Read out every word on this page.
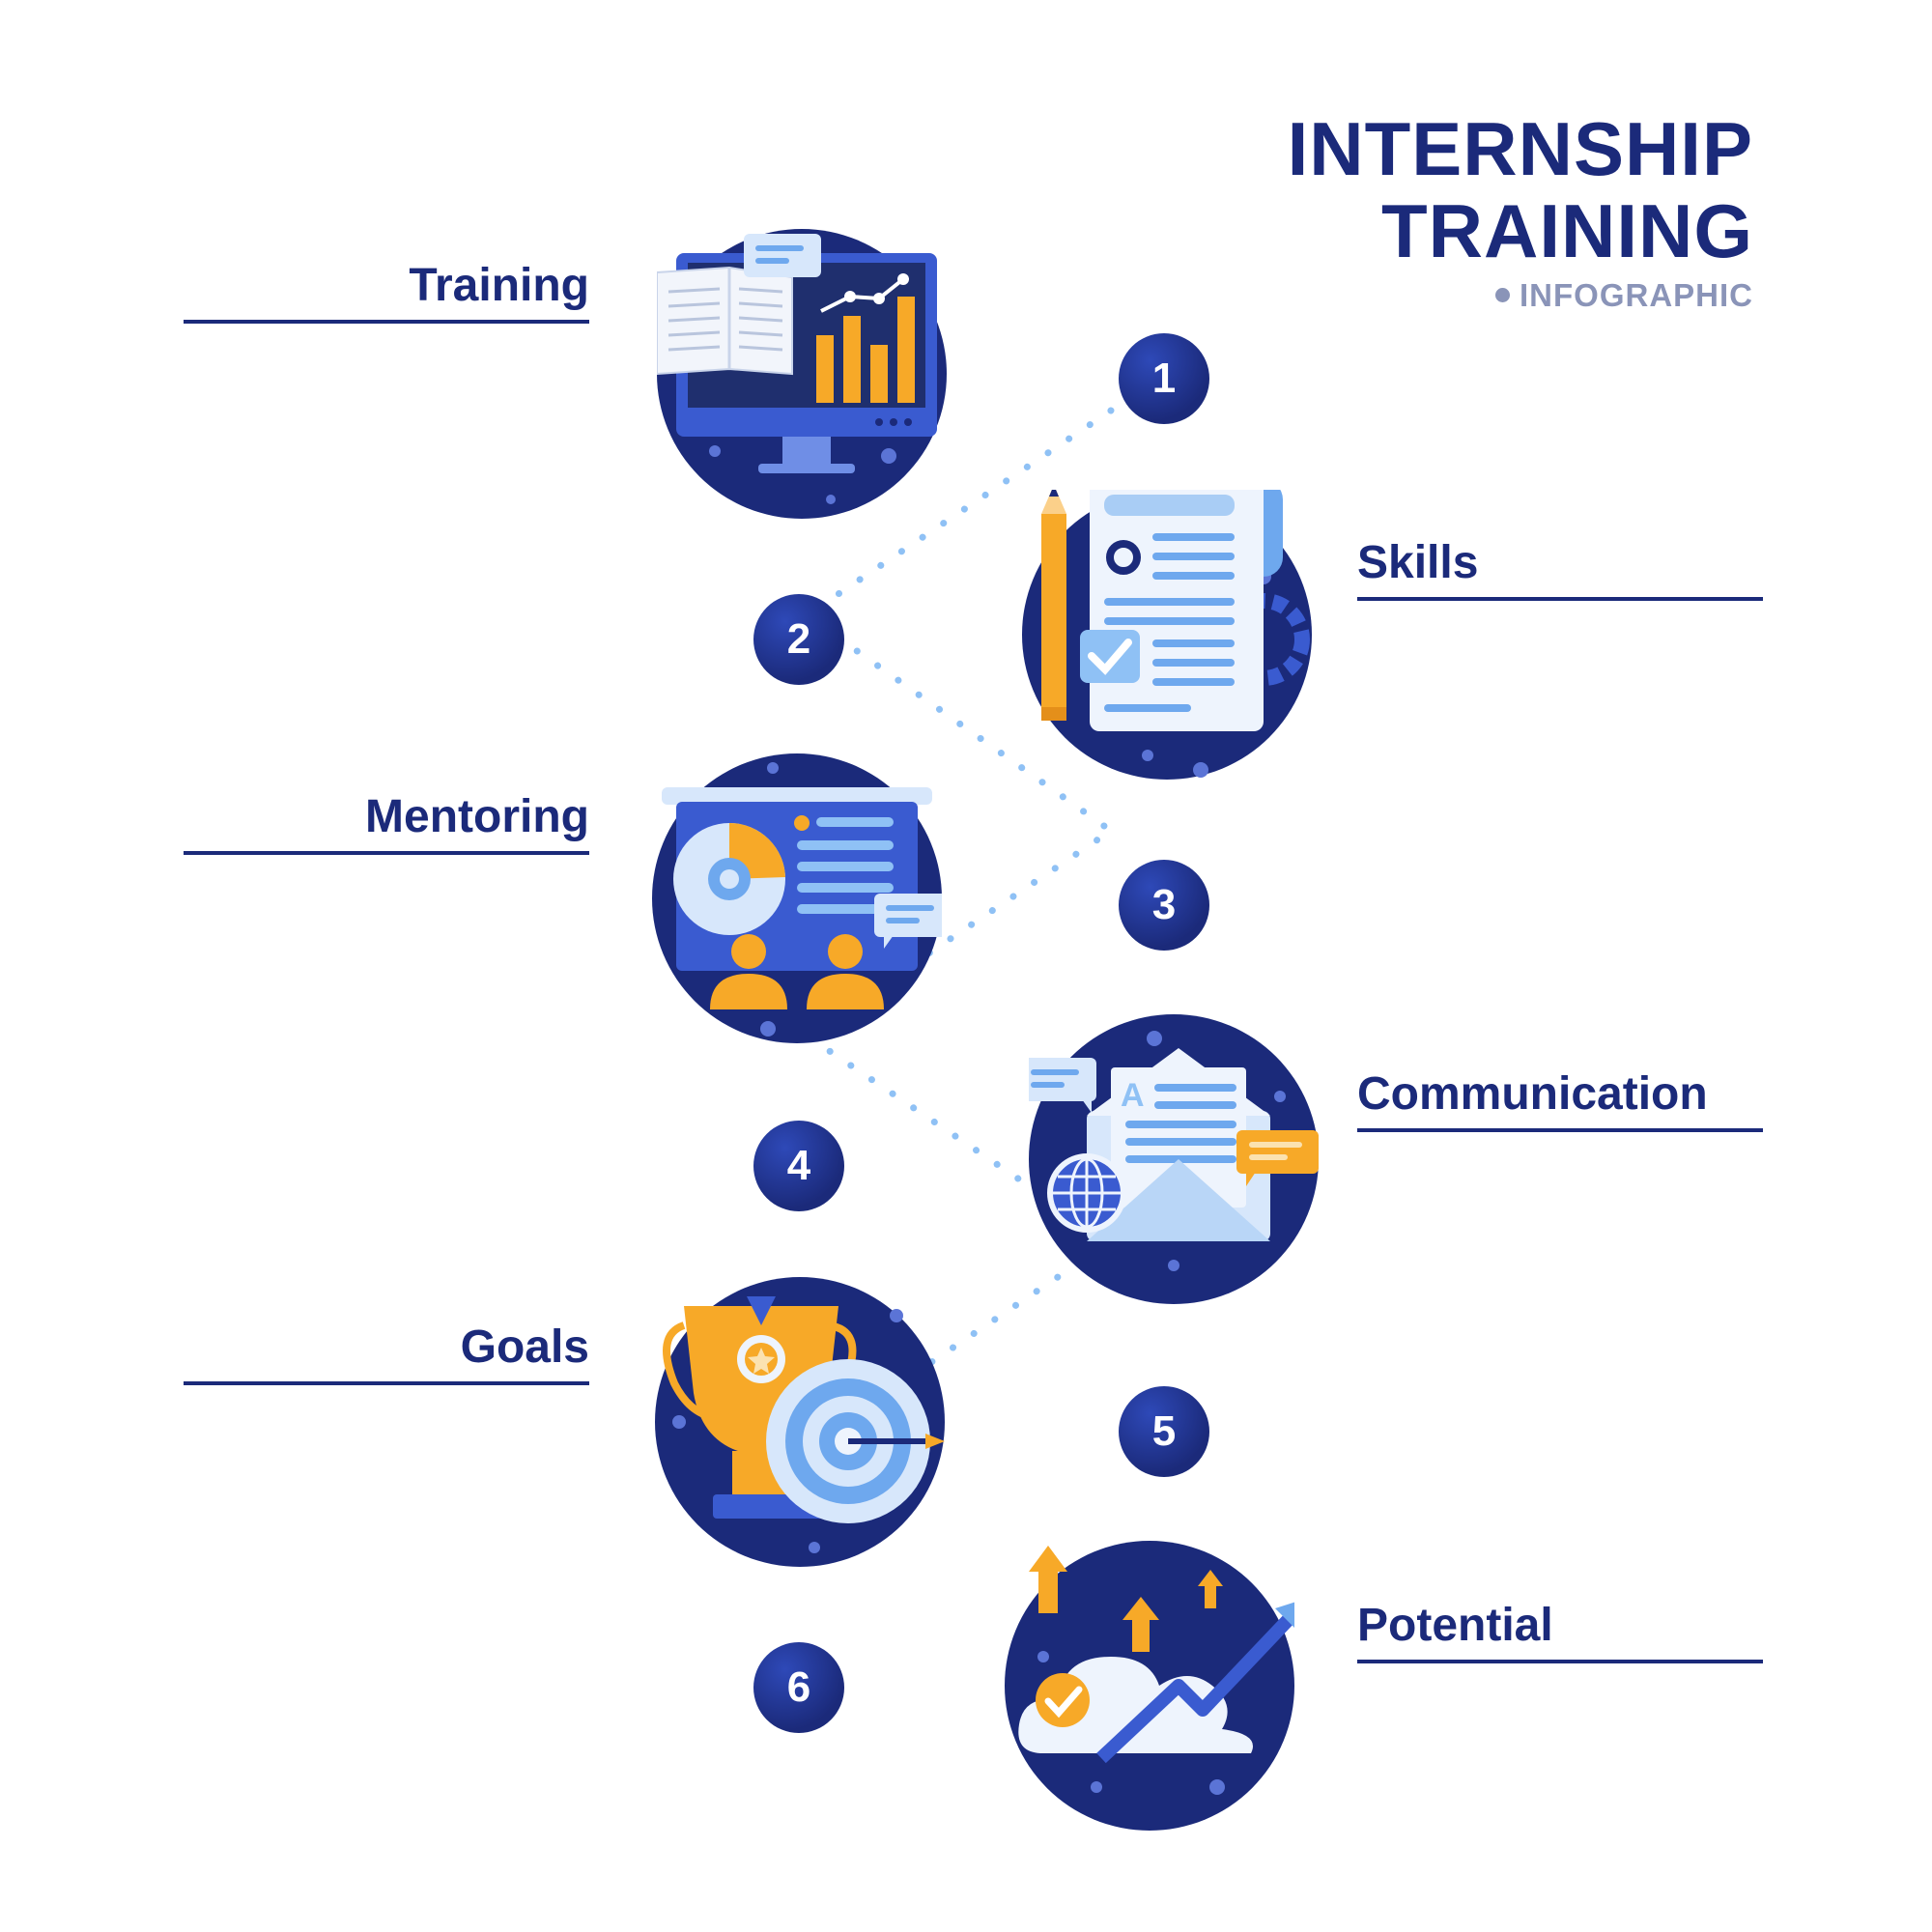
INTERNSHIP
TRAINING
INFOGRAPHIC
Training
Skills
Mentoring
Communication
Goals
Potential
1
2
3
4
5
6
A
